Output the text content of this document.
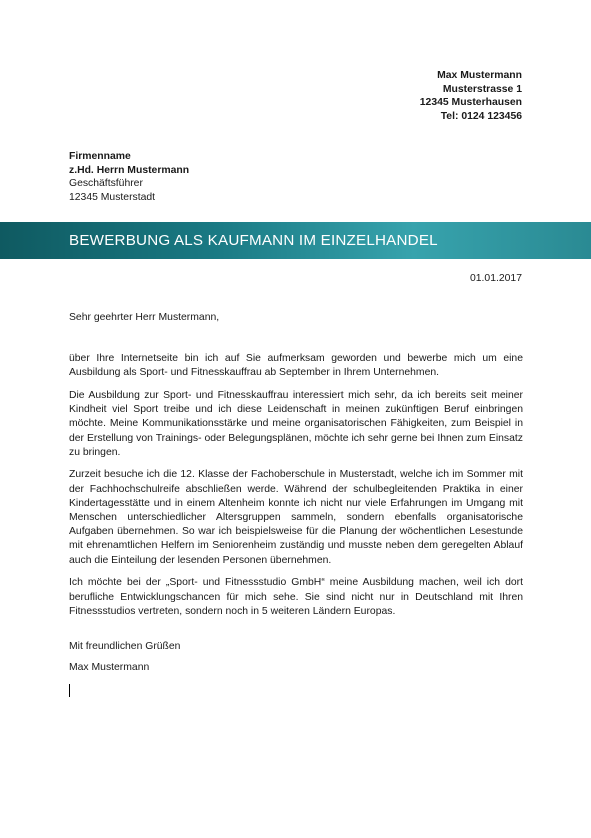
Max Mustermann
Musterstrasse 1
12345 Musterhausen
Tel: 0124 123456
Firmenname
z.Hd. Herrn Mustermann
Geschäftsführer
12345 Musterstadt
BEWERBUNG ALS KAUFMANN IM EINZELHANDEL
01.01.2017
Sehr geehrter Herr Mustermann,

über Ihre Internetseite bin ich auf Sie aufmerksam geworden und bewerbe mich um eine Ausbildung als Sport- und Fitnesskauffrau ab September in Ihrem Unternehmen.

Die Ausbildung zur Sport- und Fitnesskauffrau interessiert mich sehr, da ich bereits seit meiner Kindheit viel Sport treibe und ich diese Leidenschaft in meinen zukünftigen Beruf einbringen möchte. Meine Kommunikationsstärke und meine organisatorischen Fähigkeiten, zum Beispiel in der Erstellung von Trainings- oder Belegungsplänen, möchte ich sehr gerne bei Ihnen zum Einsatz zu bringen.

Zurzeit besuche ich die 12. Klasse der Fachoberschule in Musterstadt, welche ich im Sommer mit der Fachhochschulreife abschließen werde. Während der schulbegleitenden Praktika in einer Kindertagesstätte und in einem Altenheim konnte ich nicht nur viele Erfahrungen im Umgang mit Menschen unterschiedlicher Altersgruppen sammeln, sondern ebenfalls organisatorische Aufgaben übernehmen. So war ich beispielsweise für die Planung der wöchentlichen Lesestunde mit ehrenamtlichen Helfern im Seniorenheim zuständig und musste neben dem geregelten Ablauf auch die Einteilung der lesenden Personen übernehmen.

Ich möchte bei der „Sport- und Fitnessstudio GmbH“ meine Ausbildung machen, weil ich dort berufliche Entwicklungschancen für mich sehe. Sie sind nicht nur in Deutschland mit Ihren Fitnessstudios vertreten, sondern noch in 5 weiteren Ländern Europas.

Mit freundlichen Grüßen
Max Mustermann
